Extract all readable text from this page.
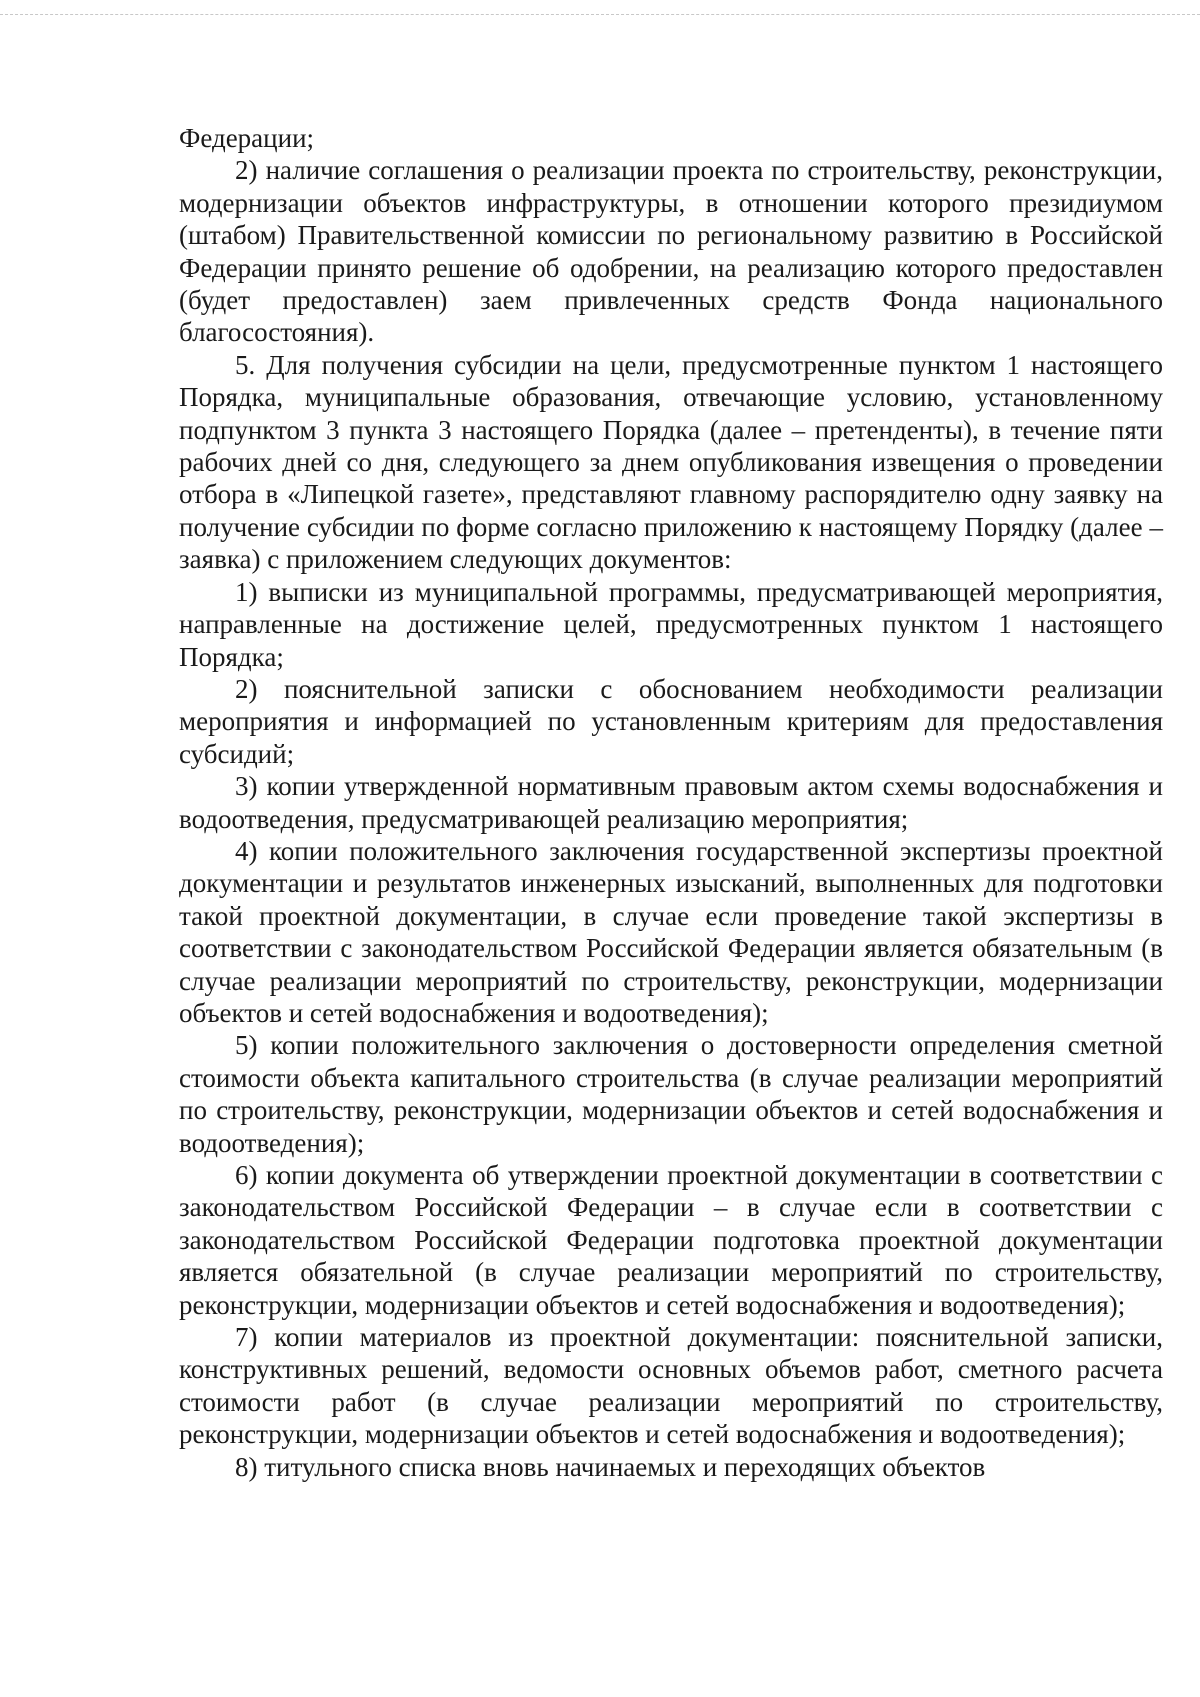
Федерации;

2) наличие соглашения о реализации проекта по строительству, реконструкции, модернизации объектов инфраструктуры, в отношении которого президиумом (штабом) Правительственной комиссии по региональному развитию в Российской Федерации принято решение об одобрении, на реализацию которого предоставлен (будет предоставлен) заем привлеченных средств Фонда национального благосостояния).

5. Для получения субсидии на цели, предусмотренные пунктом 1 настоящего Порядка, муниципальные образования, отвечающие условию, установленному подпунктом 3 пункта 3 настоящего Порядка (далее – претенденты), в течение пяти рабочих дней со дня, следующего за днем опубликования извещения о проведении отбора в «Липецкой газете», представляют главному распорядителю одну заявку на получение субсидии по форме согласно приложению к настоящему Порядку (далее – заявка) с приложением следующих документов:

1) выписки из муниципальной программы, предусматривающей мероприятия, направленные на достижение целей, предусмотренных пунктом 1 настоящего Порядка;

2) пояснительной записки с обоснованием необходимости реализации мероприятия и информацией по установленным критериям для предоставления субсидий;

3) копии утвержденной нормативным правовым актом схемы водоснабжения и водоотведения, предусматривающей реализацию мероприятия;

4) копии положительного заключения государственной экспертизы проектной документации и результатов инженерных изысканий, выполненных для подготовки такой проектной документации, в случае если проведение такой экспертизы в соответствии с законодательством Российской Федерации является обязательным (в случае реализации мероприятий по строительству, реконструкции, модернизации объектов и сетей водоснабжения и водоотведения);

5) копии положительного заключения о достоверности определения сметной стоимости объекта капитального строительства (в случае реализации мероприятий по строительству, реконструкции, модернизации объектов и сетей водоснабжения и водоотведения);

6) копии документа об утверждении проектной документации в соответствии с законодательством Российской Федерации – в случае если в соответствии с законодательством Российской Федерации подготовка проектной документации является обязательной (в случае реализации мероприятий по строительству, реконструкции, модернизации объектов и сетей водоснабжения и водоотведения);

7) копии материалов из проектной документации: пояснительной записки, конструктивных решений, ведомости основных объемов работ, сметного расчета стоимости работ (в случае реализации мероприятий по строительству, реконструкции, модернизации объектов и сетей водоснабжения и водоотведения);

8) титульного списка вновь начинаемых и переходящих объектов
